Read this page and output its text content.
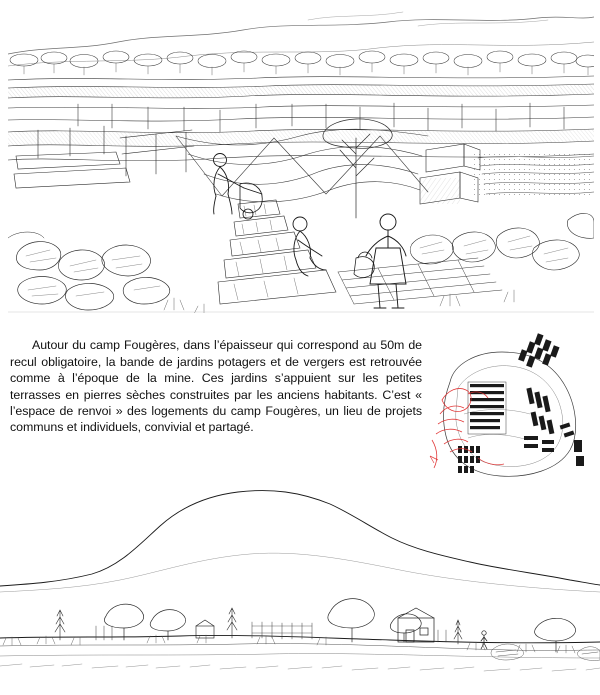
Autour du camp Fougères, dans l’épaisseur qui correspond au 50m de recul obligatoire, la bande de jardins potagers et de vergers est retrouvée comme à l’époque de la mine. Ces jardins s’appuient sur les petites terrasses en pierres sèches construites par les anciens habitants. C’est « l’espace de renvoi » des logements du camp Fougères, un lieu de projets communs et individuels, convivial et partagé.
